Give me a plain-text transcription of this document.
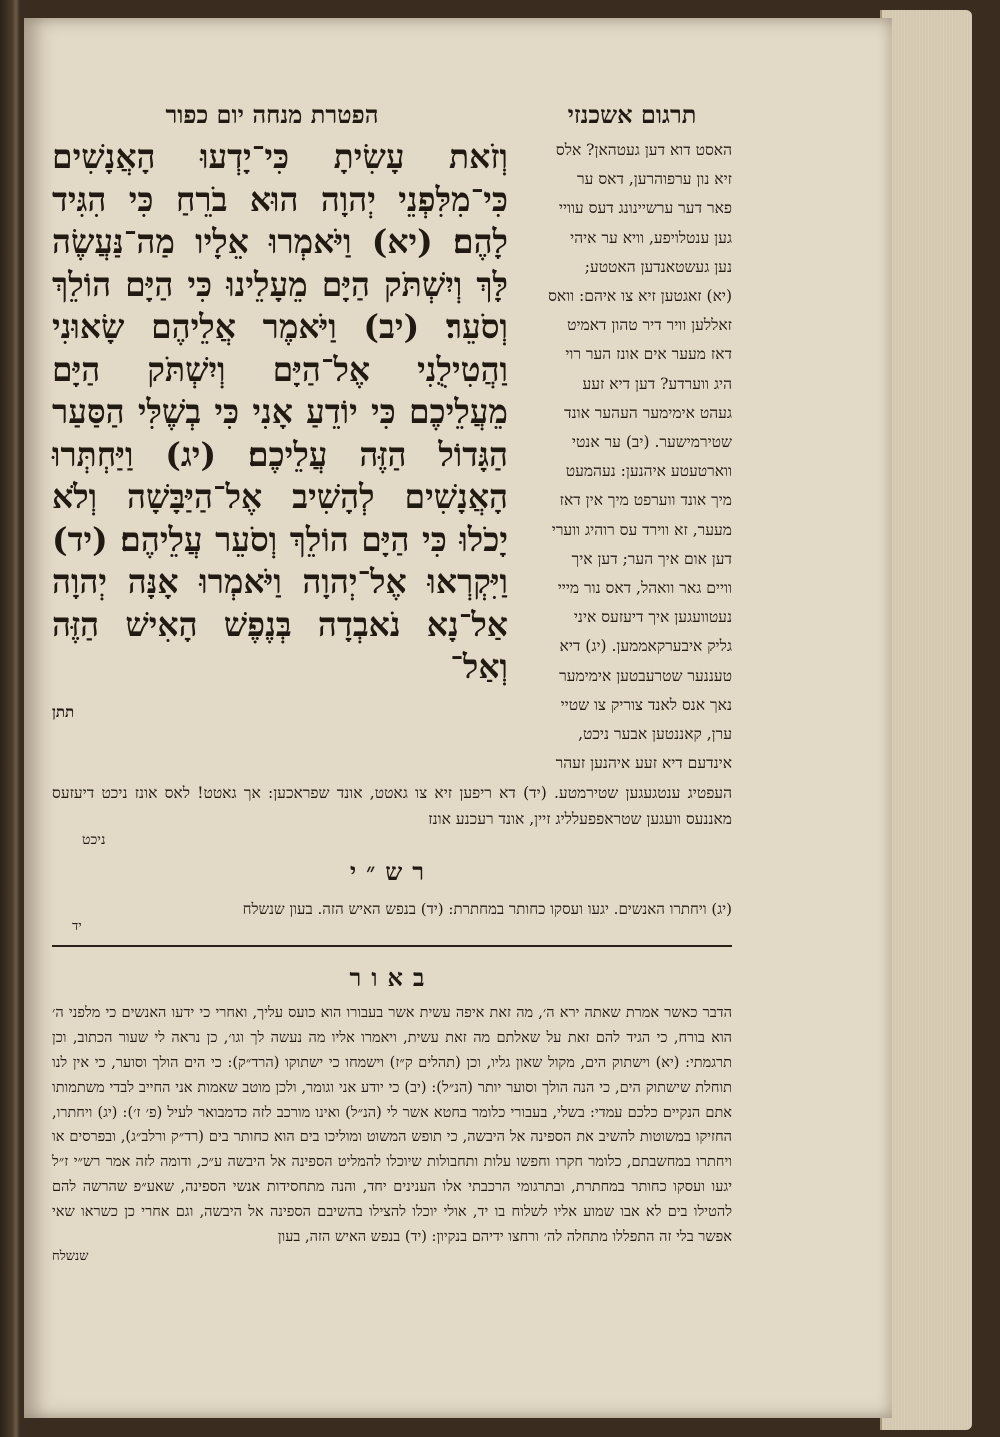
תרגום אשכנזי
הפטרת מנחה יום כפור
האסט דוא דען געטהאן? אלס
זיא נון ערפוהרען, דאס ער
פאר דער ערשיינונג דעס עוויי
גען ענטלויפע, וויא ער איהי
נען געשטאנדען האטטע;
(יא) זאגטען זיא צו איהם: וואס
זאללען וויר דיר טהון דאמיט
דאז מעער אים אונז הער רוי
היג ווערדע? דען דיא זעע
געהט אימימער העהער אונד
שטירמישער. (יב) ער אנטי
ווארטעטע איהנען: נעהמעט
מיך אונד ווערפט מיך אין דאז
מעער, זא ווירד עס רוהיג ווערי
דען אום איך הער; דען איך
וויים גאר וואהל, דאס נור מייי
נעטוועגען איך דיעזעס איני
גליק איבערקאממען. (יג) דיא
טעננער שטרעבטען אימימער
נאך אנס לאנד צוריק צו שטיי
ערן, קאננטען אבער ניכט,
אינדעם דיא זעע איהנען זעהר
וְזֹאת עָשִׂיתָ כִּי־יָדְעוּ הָאֲנָשִׁים כִּי־מִלִּפְנֵי יְהוָה הוּא בֹרֵחַ כִּי הִגִּיד לָהֶם׃ (יא) וַיֹּאמְרוּ אֵלָיו מַה־נַּעֲשֶׂה לָּךְ וְיִשְׁתֹּק הַיָּם מֵעָלֵינוּ כִּי הַיָּם הוֹלֵךְ וְסֹעֵר׃ (יב) וַיֹּאמֶר אֲלֵיהֶם שָׂאוּנִי וַהֲטִילֻנִי אֶל־הַיָּם וְיִשְׁתֹּק הַיָּם מֵעֲלֵיכֶם כִּי יוֹדֵעַ אָנִי כִּי בְשֶׁלִּי הַסַּעַר הַגָּדוֹל הַזֶּה עֲלֵיכֶם׃ (יג) וַיַּחְתְּרוּ הָאֲנָשִׁים לְהָשִׁיב אֶל־הַיַּבָּשָׁה וְלֹא יָכֹלוּ כִּי הַיָּם הוֹלֵךְ וְסֹעֵר עֲלֵיהֶם׃ (יד) וַיִּקְרְאוּ אֶל־יְהוָה וַיֹּאמְרוּ אָנָּה יְהוָה אַל־נָא נֹאבְדָה בְּנֶפֶשׁ הָאִישׁ הַזֶּה וְאַל־
תתן
העפטיג ענטגעגען שטירמטע. (יד) דא ריפען זיא צו גאטט, אונד שפראכען: אך גאטט! לאס אונז ניכט דיעזעס מאננעס וועגען שטראפפעלליג זיין, אונד רעכנע אונז
ניכט
רש״י
(יג) ויחתרו האנשים. יגעו ועסקו כחותר במחתרת: (יד) בנפש האיש הזה. בעון שנשלח
יד
באור
הדבר כאשר אמרת שאתה ירא ה׳, מה זאת איפה עשית אשר בעבורו הוא כועס עליך, ואחרי כי ידעו האנשים כי מלפני ה׳ הוא בורח, כי הגיד להם זאת על שאלתם מה זאת עשית, ויאמרו אליו מה נעשה לך וגו׳, כן נראה לי שעור הכתוב, וכן תרגמתי: (יא) וישתוק הים, מקול שאון גליו, וכן (תהלים ק״ז) וישמחו כי ישתוקו (הרד״ק): כי הים הולך וסוער, כי אין לנו תוחלת שישתוק הים, כי הנה הולך וסוער יותר (הנ״ל): (יב) כי יודע אני וגומר, ולכן מוטב שאמות אני החייב לבדי משתמותו אתם הנקיים כלכם עמדי: בשלי, בעבורי כלומר בחטא אשר לי (הנ״ל) ואינו מורכב לזה כדמבואר לעיל (פ׳ ז׳): (יג) ויחתרו, החזיקו במשוטות להשיב את הספינה אל היבשה, כי תופש המשוט ומוליכו בים הוא כחותר בים (רד״ק ורלב״ג), ובפרסים או ויחתרו במחשבתם, כלומר חקרו וחפשו עלות ותחבולות שיוכלו להמליט הספינה אל היבשה ע״כ, ודומה לזה אמר רש״י ז״ל יגעו ועסקו כחותר במחתרת, ובתרגומי הרכבתי אלו הענינים יחד, והנה מתחסידות אנשי הספינה, שאע״פ שהרשה להם להטילו בים לא אבו שמוע אליו לשלוח בו יד, אולי יוכלו להצילו בהשיבם הספינה אל היבשה, וגם אחרי כן כשראו שאי אפשר בלי זה התפללו מתחלה לה׳ ורחצו ידיהם בנקיון: (יד) בנפש האיש הזה, בעון
שנשלח
